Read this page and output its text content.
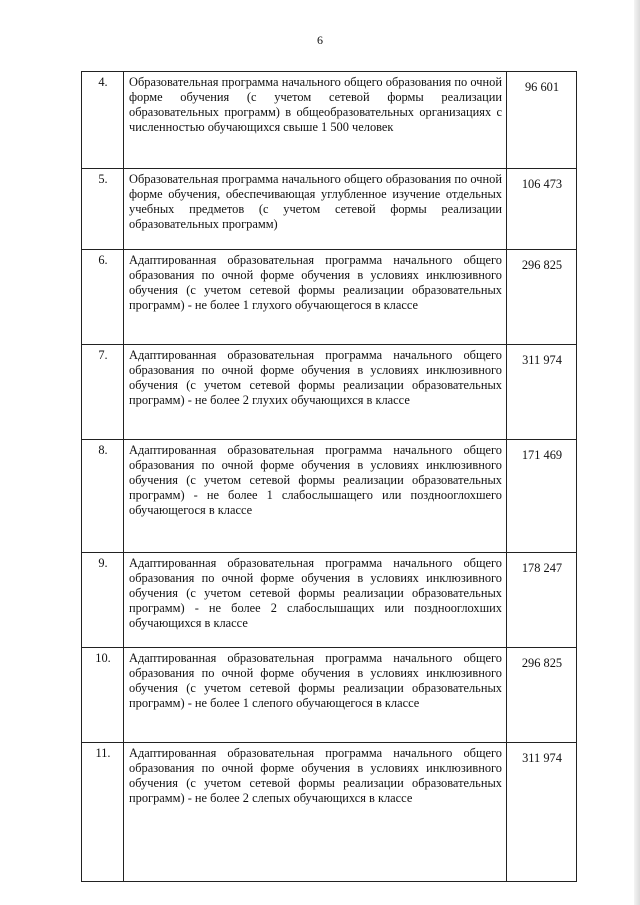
6
4.	Образовательная программа начального общего образования по очной форме обучения (с учетом сетевой формы реализации образовательных программ) в общеобразовательных организациях с численностью обучающихся свыше 1 500 человек	96 601
5.	Образовательная программа начального общего образования по очной форме обучения, обеспечивающая углубленное изучение отдельных учебных предметов (с учетом сетевой формы реализации образовательных программ)	106 473
6.	Адаптированная образовательная программа начального общего образования по очной форме обучения в условиях инклюзивного обучения (с учетом сетевой формы реализации образовательных программ) - не более 1 глухого обучающегося в классе	296 825
7.	Адаптированная образовательная программа начального общего образования по очной форме обучения в условиях инклюзивного обучения (с учетом сетевой формы реализации образовательных программ) - не более 2 глухих обучающихся в классе	311 974
8.	Адаптированная образовательная программа начального общего образования по очной форме обучения в условиях инклюзивного обучения (с учетом сетевой формы реализации образовательных программ) - не более 1 слабослышащего или позднооглохшего обучающегося в классе	171 469
9.	Адаптированная образовательная программа начального общего образования по очной форме обучения в условиях инклюзивного обучения (с учетом сетевой формы реализации образовательных программ) - не более 2 слабослышащих или позднооглохших обучающихся в классе	178 247
10.	Адаптированная образовательная программа начального общего образования по очной форме обучения в условиях инклюзивного обучения (с учетом сетевой формы реализации образовательных программ) - не более 1 слепого обучающегося в классе	296 825
11.	Адаптированная образовательная программа начального общего образования по очной форме обучения в условиях инклюзивного обучения (с учетом сетевой формы реализации образовательных программ) - не более 2 слепых обучающихся в классе	311 974
